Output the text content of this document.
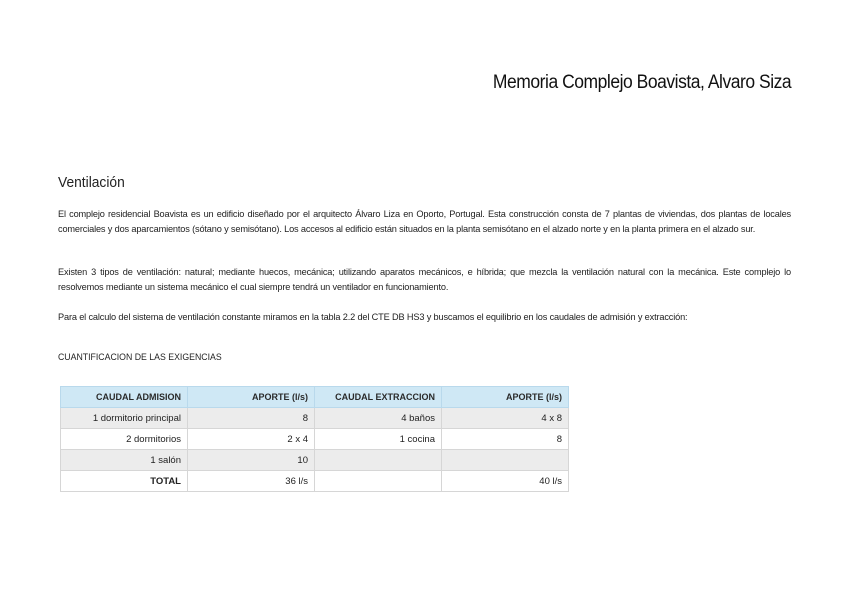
Memoria Complejo Boavista, Alvaro Siza
Ventilación

El complejo residencial Boavista es un edificio diseñado por el arquitecto Álvaro Liza en Oporto, Portugal. Esta construcción consta de 7 plantas de viviendas, dos plantas de locales comerciales y dos aparcamientos (sótano y semisótano). Los accesos al edificio están situados en la planta semisótano en el alzado norte y en la planta primera en el alzado sur.

Existen 3 tipos de ventilación: natural; mediante huecos, mecánica; utilizando aparatos mecánicos, e híbrida; que mezcla la ventilación natural con la mecánica. Este complejo lo resolvemos mediante un sistema mecánico el cual siempre tendrá un ventilador en funcionamiento.

Para el calculo del sistema de ventilación constante miramos en la tabla 2.2 del CTE DB HS3 y buscamos el equilibrio en los caudales de admisión y extracción:

CUANTIFICACION DE LAS EXIGENCIAS
CAUDAL ADMISION	APORTE (l/s)	CAUDAL EXTRACCION	APORTE (l/s)
1 dormitorio principal	8	4 baños	4 x 8
2 dormitorios	2 x 4	1 cocina	8
1 salón	10		
TOTAL	36 l/s		40 l/s
